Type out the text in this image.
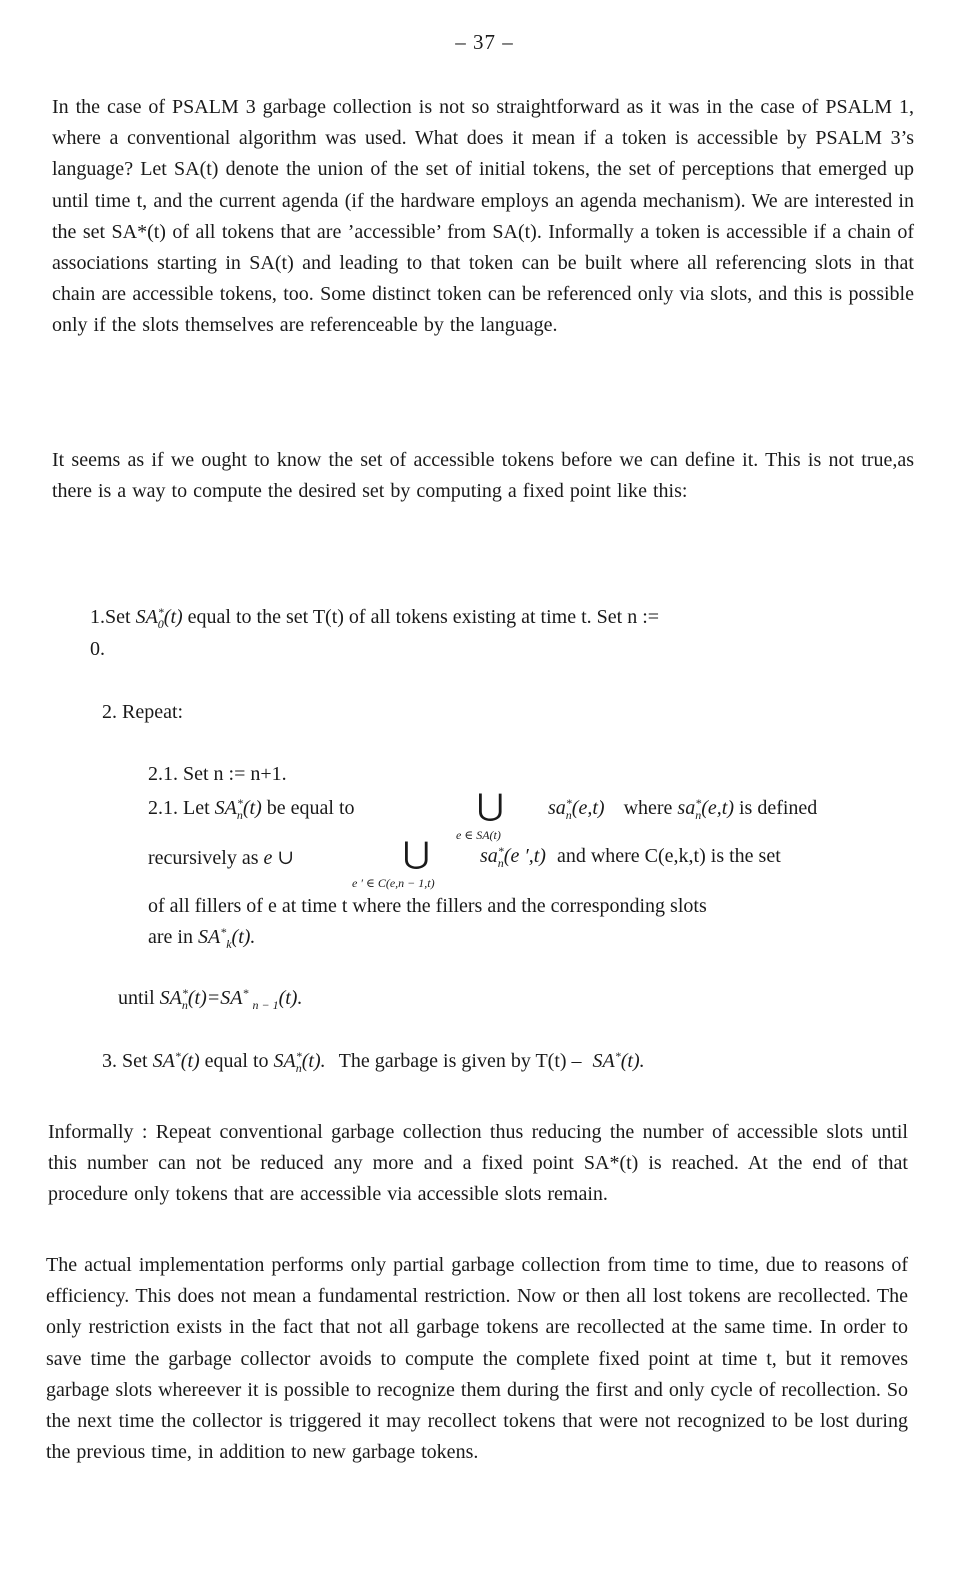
– 37 –

In the case of PSALM 3 garbage collection is not so straightforward as it was in the case of PSALM 1, where a conventional algorithm was used. What does it mean if a token is accessible by PSALM 3’s language? Let SA(t) denote the union of the set of initial tokens, the set of perceptions that emerged up until time t, and the current agenda (if the hardware employs an agenda mechanism). We are interested in the set SA*(t) of all tokens that are ’accessible’ from SA(t). Informally a token is accessible if a chain of associations starting in SA(t) and leading to that token can be built where all referencing slots in that chain are accessible tokens, too. Some distinct token can be referenced only via slots, and this is possible only if the slots themselves are referenceable by the language.

It seems as if we ought to know the set of accessible tokens before we can define it. This is not true,as there is a way to compute the desired set by computing a fixed point like this:

1.Set $SA^*_0(t)$ equal to the set T(t) of all tokens existing at time t. Set n :=
0.
2. Repeat:
2.1. Set n := n+1.
2.1. Let $SA^*_n(t)$ be equal to	⋃
e ∈ SA(t)
$sa^*_n(e,t)$ where $sa^*_n(e,t)$ is defined
recursively as e ∪	⋃
e ′ ∈ C(e,n − 1,t)
$sa^*_n(e$ ′,t) and where C(e,k,t) is the set
of all fillers of e at time t where the fillers and the corresponding slots
are in $SA^*_k(t)$.
until $SA^*_n(t)=SA^*_{n - 1}(t)$.
3. Set SA*(t) equal to $SA^*_n(t)$. The garbage is given by T(t) – SA*(t).

Informally : Repeat conventional garbage collection thus reducing the number of accessible slots until this number can not be reduced any more and a fixed point SA*(t) is reached. At the end of that procedure only tokens that are accessible via accessible slots remain.

The actual implementation performs only partial garbage collection from time to time, due to reasons of efficiency. This does not mean a fundamental restriction. Now or then all lost tokens are recollected. The only restriction exists in the fact that not all garbage tokens are recollected at the same time. In order to save time the garbage collector avoids to compute the complete fixed point at time t, but it removes garbage slots whereever it is possible to recognize them during the first and only cycle of recollection. So the next time the collector is triggered it may recollect tokens that were not recognized to be lost during the previous time, in addition to new garbage tokens.
